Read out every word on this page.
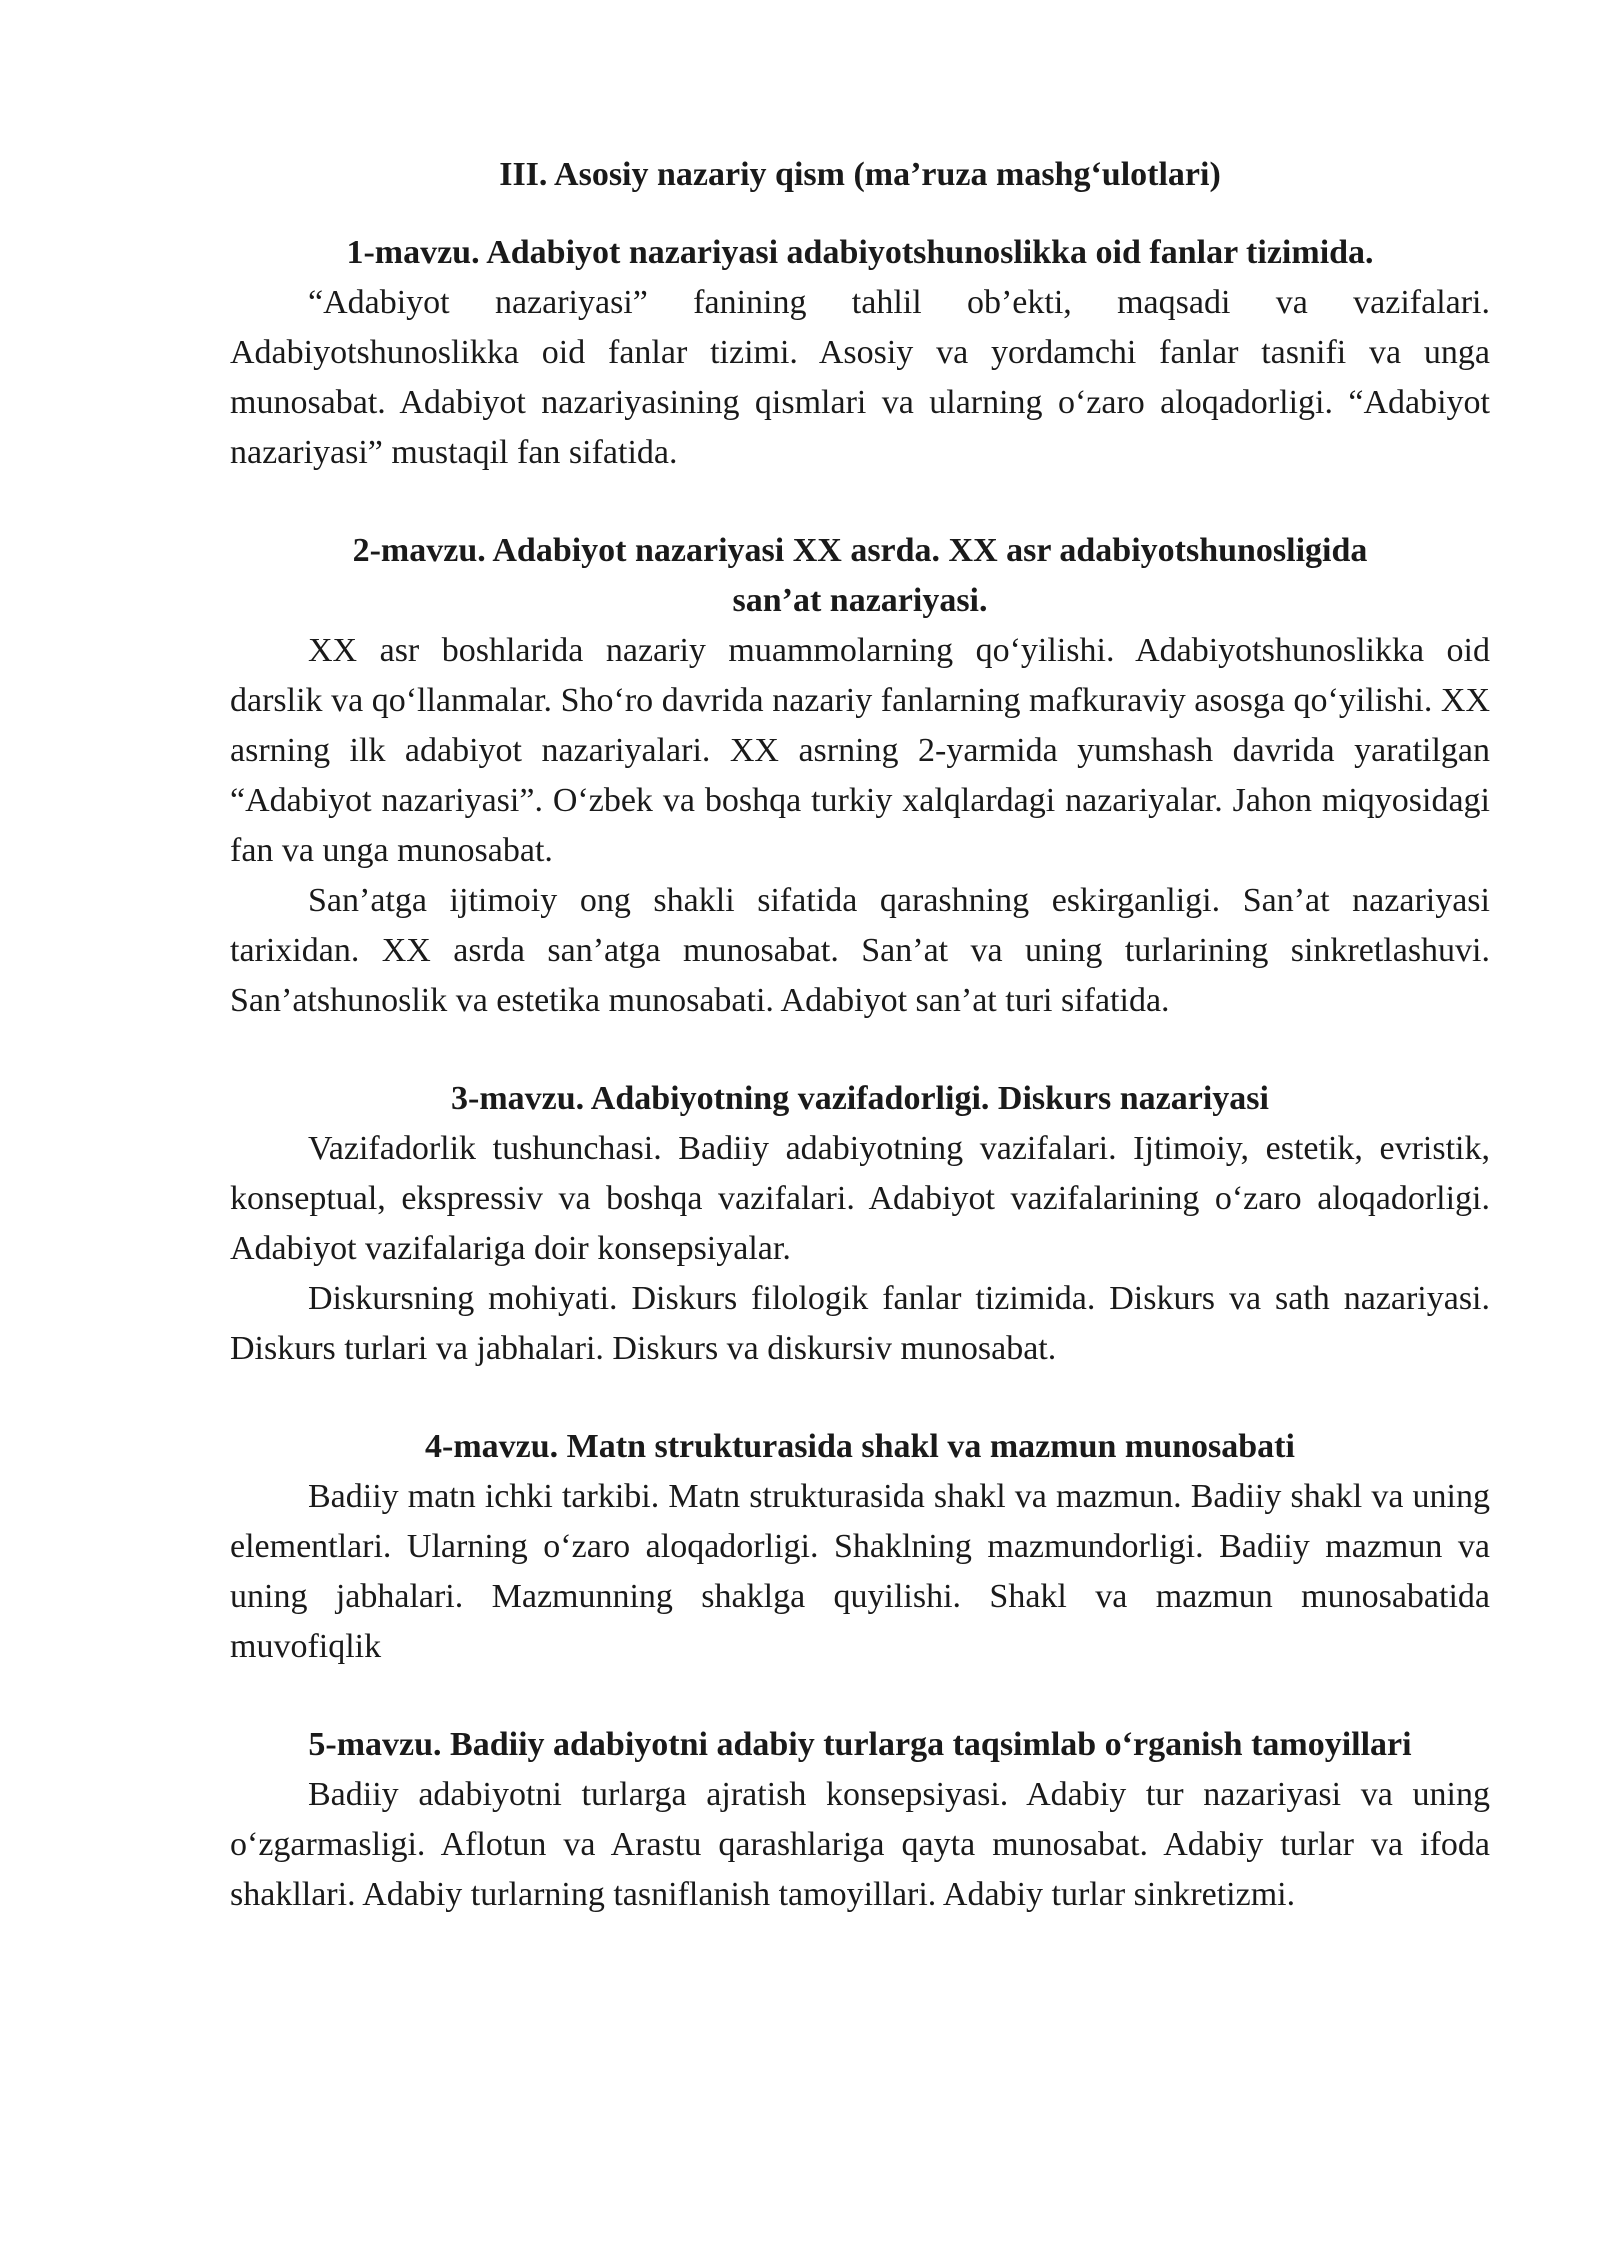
III. Asosiy nazariy qism (ma’ruza mashg‘ulotlari)
1-mavzu. Adabiyot nazariyasi adabiyotshunoslikka oid fanlar tizimida.

“Adabiyot nazariyasi” fanining tahlil ob’ekti, maqsadi va vazifalari. Adabiyotshunoslikka oid fanlar tizimi. Asosiy va yordamchi fanlar tasnifi va unga munosabat. Adabiyot nazariyasining qismlari va ularning o‘zaro aloqadorligi. “Adabiyot nazariyasi” mustaqil fan sifatida.

2-mavzu. Adabiyot nazariyasi XX asrda. XX asr adabiyotshunosligida
san’at nazariyasi.

XX asr boshlarida nazariy muammolarning qo‘yilishi. Adabiyotshunoslikka oid darslik va qo‘llanmalar. Sho‘ro davrida nazariy fanlarning mafkuraviy asosga qo‘yilishi. XX asrning ilk adabiyot nazariyalari. XX asrning 2-yarmida yumshash davrida yaratilgan “Adabiyot nazariyasi”. O‘zbek va boshqa turkiy xalqlardagi nazariyalar. Jahon miqyosidagi fan va unga munosabat.

San’atga ijtimoiy ong shakli sifatida qarashning eskirganligi. San’at nazariyasi tarixidan. XX asrda san’atga munosabat. San’at va uning turlarining sinkretlashuvi. San’atshunoslik va estetika munosabati. Adabiyot san’at turi sifatida.

3-mavzu. Adabiyotning vazifadorligi. Diskurs nazariyasi

Vazifadorlik tushunchasi. Badiiy adabiyotning vazifalari. Ijtimoiy, estetik, evristik, konseptual, ekspressiv va boshqa vazifalari. Adabiyot vazifalarining o‘zaro aloqadorligi. Adabiyot vazifalariga doir konsepsiyalar.

Diskursning mohiyati. Diskurs filologik fanlar tizimida. Diskurs va sath nazariyasi. Diskurs turlari va jabhalari. Diskurs va diskursiv munosabat.

4-mavzu. Matn strukturasida shakl va mazmun munosabati

Badiiy matn ichki tarkibi. Matn strukturasida shakl va mazmun. Badiiy shakl va uning elementlari. Ularning o‘zaro aloqadorligi. Shaklning mazmundorligi. Badiiy mazmun va uning jabhalari. Mazmunning shaklga quyilishi. Shakl va mazmun munosabatida muvofiqlik

5-mavzu. Badiiy adabiyotni adabiy turlarga taqsimlab o‘rganish tamoyillari

Badiiy adabiyotni turlarga ajratish konsepsiyasi. Adabiy tur nazariyasi va uning o‘zgarmasligi. Aflotun va Arastu qarashlariga qayta munosabat. Adabiy turlar va ifoda shakllari. Adabiy turlarning tasniflanish tamoyillari. Adabiy turlar sinkretizmi.
